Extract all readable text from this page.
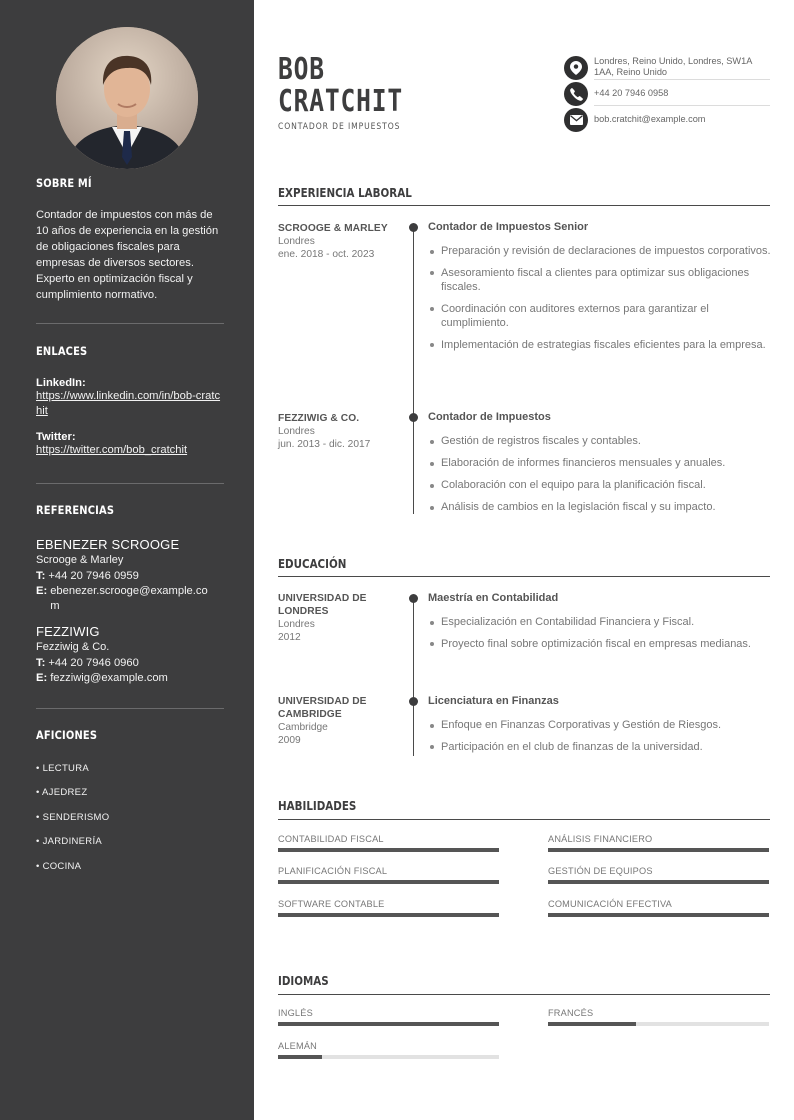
SOBRE MÍ

Contador de impuestos con más de 10 años de experiencia en la gestión de obligaciones fiscales para empresas de diversos sectores. Experto en optimización fiscal y cumplimiento normativo.

ENLACES
LinkedIn:
https://www.linkedin.com/in/bob-cratchit
Twitter:
https://twitter.com/bob_cratchit
REFERENCIAS
EBENEZER SCROOGE
Scrooge & Marley
T: +44 20 7946 0959
E: ebenezer.scrooge@example.com
FEZZIWIG
Fezziwig & Co.
T: +44 20 7946 0960
E: fezziwig@example.com
AFICIONES
• LECTURA
• AJEDREZ
• SENDERISMO
• JARDINERÍA
• COCINA
BOB
CRATCHIT
CONTADOR DE IMPUESTOS
Londres, Reino Unido, Londres, SW1A 1AA, Reino Unido
+44 20 7946 0958
bob.cratchit@example.com
EXPERIENCIA LABORAL
SCROOGE & MARLEY
Londres
ene. 2018 - oct. 2023
Contador de Impuestos Senior
Preparación y revisión de declaraciones de impuestos corporativos.
Asesoramiento fiscal a clientes para optimizar sus obligaciones fiscales.
Coordinación con auditores externos para garantizar el cumplimiento.
Implementación de estrategias fiscales eficientes para la empresa.
FEZZIWIG & CO.
Londres
jun. 2013 - dic. 2017
Contador de Impuestos
Gestión de registros fiscales y contables.
Elaboración de informes financieros mensuales y anuales.
Colaboración con el equipo para la planificación fiscal.
Análisis de cambios en la legislación fiscal y su impacto.
EDUCACIÓN
UNIVERSIDAD DE
LONDRES
Londres
2012
Maestría en Contabilidad
Especialización en Contabilidad Financiera y Fiscal.
Proyecto final sobre optimización fiscal en empresas medianas.
UNIVERSIDAD DE
CAMBRIDGE
Cambridge
2009
Licenciatura en Finanzas
Enfoque en Finanzas Corporativas y Gestión de Riesgos.
Participación en el club de finanzas de la universidad.
HABILIDADES
CONTABILIDAD FISCAL	ANÁLISIS FINANCIERO
PLANIFICACIÓN FISCAL	GESTIÓN DE EQUIPOS
SOFTWARE CONTABLE	COMUNICACIÓN EFECTIVA
IDIOMAS
INGLÉS	FRANCÉS
ALEMÁN
